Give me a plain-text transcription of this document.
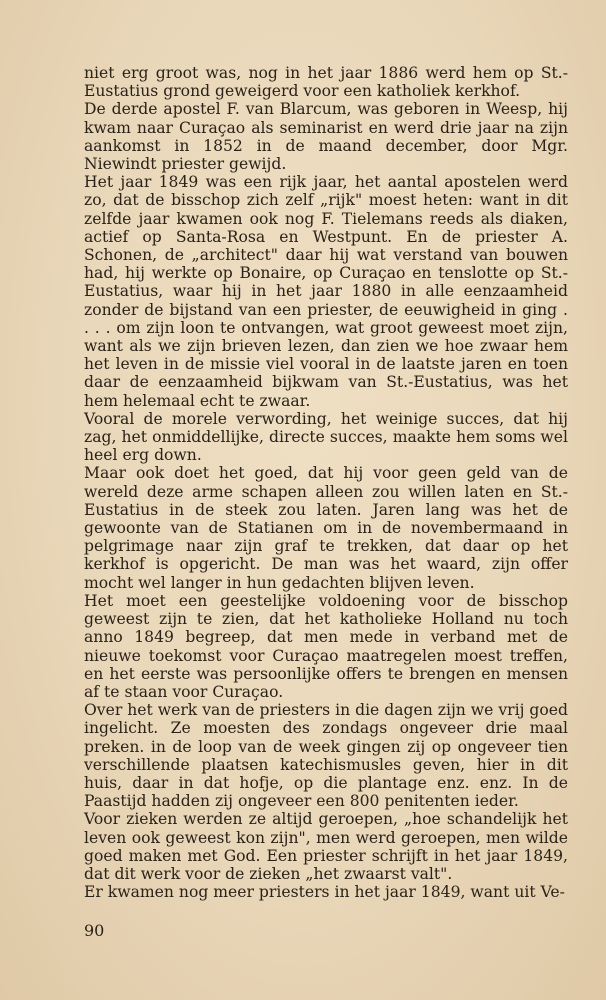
niet erg groot was, nog in het jaar 1886 werd hem op St.-Eustatius grond geweigerd voor een katholiek kerkhof.

De derde apostel F. van Blarcum, was geboren in Weesp, hij kwam naar Curaçao als seminarist en werd drie jaar na zijn aankomst in 1852 in de maand december, door Mgr. Niewindt priester gewijd.

Het jaar 1849 was een rijk jaar, het aantal apostelen werd zo, dat de bisschop zich zelf „rijk" moest heten: want in dit zelfde jaar kwamen ook nog F. Tielemans reeds als diaken, actief op Santa-Rosa en Westpunt. En de priester A. Schonen, de „architect" daar hij wat verstand van bouwen had, hij werkte op Bonaire, op Curaçao en tenslotte op St.-Eustatius, waar hij in het jaar 1880 in alle eenzaamheid zonder de bijstand van een priester, de eeuwigheid in ging . . . . om zijn loon te ontvangen, wat groot geweest moet zijn, want als we zijn brieven lezen, dan zien we hoe zwaar hem het leven in de missie viel vooral in de laatste jaren en toen daar de eenzaamheid bijkwam van St.-Eustatius, was het hem helemaal echt te zwaar.

Vooral de morele verwording, het weinige succes, dat hij zag, het onmiddellijke, directe succes, maakte hem soms wel heel erg down.

Maar ook doet het goed, dat hij voor geen geld van de wereld deze arme schapen alleen zou willen laten en St.-Eustatius in de steek zou laten. Jaren lang was het de gewoonte van de Statianen om in de novembermaand in pelgrimage naar zijn graf te trekken, dat daar op het kerkhof is opgericht. De man was het waard, zijn offer mocht wel langer in hun gedachten blijven leven.

Het moet een geestelijke voldoening voor de bisschop geweest zijn te zien, dat het katholieke Holland nu toch anno 1849 begreep, dat men mede in verband met de nieuwe toekomst voor Curaçao maatregelen moest treffen, en het eerste was persoonlijke offers te brengen en mensen af te staan voor Curaçao.

Over het werk van de priesters in die dagen zijn we vrij goed ingelicht. Ze moesten des zondags ongeveer drie maal preken. in de loop van de week gingen zij op ongeveer tien verschillende plaatsen katechismusles geven, hier in dit huis, daar in dat hofje, op die plantage enz. enz. In de Paastijd hadden zij ongeveer een 800 penitenten ieder.

Voor zieken werden ze altijd geroepen, „hoe schandelijk het leven ook geweest kon zijn", men werd geroepen, men wilde goed maken met God. Een priester schrijft in het jaar 1849, dat dit werk voor de zieken „het zwaarst valt".

Er kwamen nog meer priesters in het jaar 1849, want uit Ve-

90
